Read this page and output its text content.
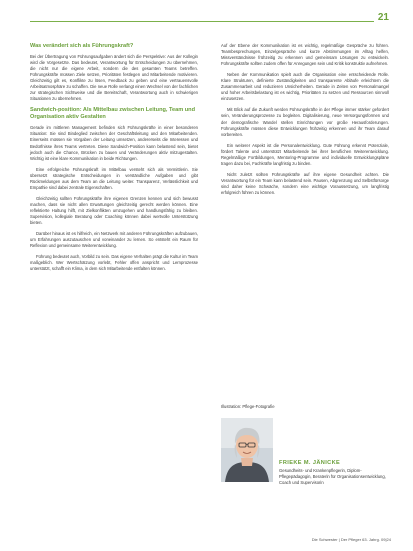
21
Was verändert sich als Führungskraft?

Bei der Übertragung von Führungsaufgaben ändert sich die Perspektive: Aus der Kollegin wird die Vorgesetzte. Das bedeutet, Verantwortung für Entscheidungen zu übernehmen, die nicht nur die eigene Arbeit, sondern die des gesamten Teams betreffen. Führungskräfte müssen Ziele setzen, Prioritäten festlegen und Mitarbeitende motivieren. Gleichzeitig gilt es, Konflikte zu lösen, Feedback zu geben und eine vertrauensvolle Arbeitsatmosphäre zu schaffen. Die neue Rolle verlangt einen Wechsel von der fachlichen zur strategischen Sichtweise und die Bereitschaft, Verantwortung auch in schwierigen Situationen zu übernehmen.

Sandwich-position: Als Mittelbau zwischen Leitung, Team und Organisation aktiv Gestalten

Gerade im mittleren Management befinden sich Führungskräfte in einer besonderen Situation: Sie sind Bindeglied zwischen der Geschäftsleitung und den Mitarbeitenden. Einerseits müssen sie Vorgaben der Leitung umsetzen, andererseits die Interessen und Bedürfnisse ihres Teams vertreten. Diese Sandwich-Position kann belastend sein, bietet jedoch auch die Chance, Brücken zu bauen und Veränderungen aktiv mitzugestalten. Wichtig ist eine klare Kommunikation in beide Richtungen.

Eine erfolgreiche Führungskraft im Mittelbau versteht sich als Vermittlerin. Sie übersetzt strategische Entscheidungen in verständliche Aufgaben und gibt Rückmeldungen aus dem Team an die Leitung weiter. Transparenz, Verlässlichkeit und Empathie sind dabei zentrale Eigenschaften.

Gleichzeitig sollten Führungskräfte ihre eigenen Grenzen kennen und sich bewusst machen, dass sie nicht allen Erwartungen gleichzeitig gerecht werden können. Eine reflektierte Haltung hilft, mit Zielkonflikten umzugehen und handlungsfähig zu bleiben. Supervision, kollegiale Beratung oder Coaching können dabei wertvolle Unterstützung bieten.

Darüber hinaus ist es hilfreich, ein Netzwerk mit anderen Führungskräften aufzubauen, um Erfahrungen auszutauschen und voneinander zu lernen. So entsteht ein Raum für Reflexion und gemeinsame Weiterentwicklung.

Führung bedeutet auch, Vorbild zu sein. Das eigene Verhalten prägt die Kultur im Team maßgeblich. Wer Wertschätzung vorlebt, Fehler offen anspricht und Lernprozesse unterstützt, schafft ein Klima, in dem sich Mitarbeitende entfalten können.

Auf der Ebene der Kommunikation ist es wichtig, regelmäßige Gespräche zu führen. Teambesprechungen, Einzelgespräche und kurze Abstimmungen im Alltag helfen, Missverständnisse frühzeitig zu erkennen und gemeinsam Lösungen zu entwickeln. Führungskräfte sollten zudem offen für Anregungen sein und Kritik konstruktiv aufnehmen.

Neben der Kommunikation spielt auch die Organisation eine entscheidende Rolle. Klare Strukturen, definierte Zuständigkeiten und transparente Abläufe erleichtern die Zusammenarbeit und reduzieren Unsicherheiten. Gerade in Zeiten von Personalmangel und hoher Arbeitsbelastung ist es wichtig, Prioritäten zu setzen und Ressourcen sinnvoll einzusetzen.

Mit Blick auf die Zukunft werden Führungskräfte in der Pflege immer stärker gefordert sein, Veränderungsprozesse zu begleiten. Digitalisierung, neue Versorgungsformen und der demografische Wandel stellen Einrichtungen vor große Herausforderungen. Führungskräfte müssen diese Entwicklungen frühzeitig erkennen und ihr Team darauf vorbereiten.

Ein weiterer Aspekt ist die Personalentwicklung. Gute Führung erkennt Potenziale, fördert Talente und unterstützt Mitarbeitende bei ihrer beruflichen Weiterentwicklung. Regelmäßige Fortbildungen, Mentoring-Programme und individuelle Entwicklungspläne tragen dazu bei, Fachkräfte langfristig zu binden.

Nicht zuletzt sollten Führungskräfte auf ihre eigene Gesundheit achten. Die Verantwortung für ein Team kann belastend sein. Pausen, Abgrenzung und Selbstfürsorge sind daher keine Schwäche, sondern eine wichtige Voraussetzung, um langfristig erfolgreich führen zu können.

Illustration: Pflege-Fotografie

FRIEKE M. JÄNICKE
Gesundheits- und Krankenpflegerin, Diplom-Pflegepädagogin, Beraterin für Organisationsentwicklung, Coach und Supervisorin
Die Schwester | Der Pfleger 63. Jahrg. 09|24
